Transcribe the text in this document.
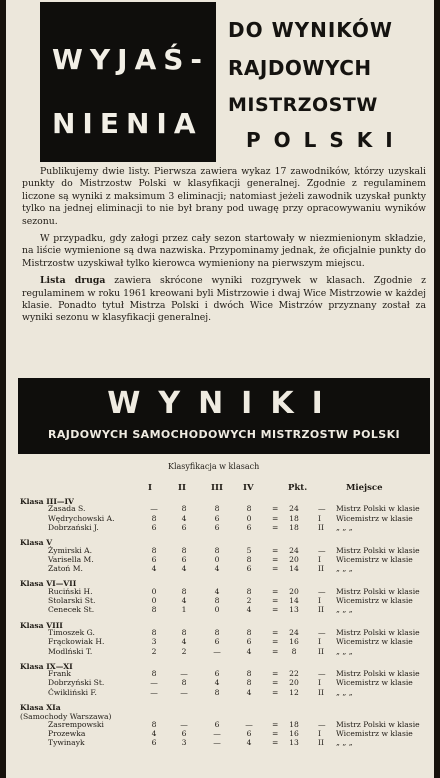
WYJAŚ-
NIENIA
DO WYNIKÓW
RAJDOWYCH
MISTRZOSTW
POLSKI

Publikujemy dwie listy. Pierwsza zawiera wykaz 17 zawodników, którzy uzyskali punkty do Mistrzostw Polski w klasyfikacji generalnej. Zgodnie z regulaminem liczone są wyniki z maksimum 3 eliminacji; natomiast jeżeli zawodnik uzyskał punkty tylko na jednej eliminacji to nie był brany pod uwagę przy opracowywaniu wyników sezonu.

W przypadku, gdy załogi przez cały sezon startowały w niezmienionym składzie, na liście wymienione są dwa nazwiska. Przypominamy jednak, że oficjalnie punkty do Mistrzostw uzyskiwał tylko kierowca wymieniony na pierwszym miejscu.

Lista druga zawiera skrócone wyniki rozgrywek w klasach. Zgodnie z regulaminem w roku 1961 kreowani byli Mistrzowie i dwaj Wice Mistrzowie w każdej klasie. Ponadto tytuł Mistrza Polski i dwóch Wice Mistrzów przyznany został za wyniki sezonu w klasyfikacji generalnej.

WYNIKI
RAJDOWYCH SAMOCHODOWYCH MISTRZOSTW POLSKI
Klasyfikacja w klasach
I	II	III IV	Pkt.	Miejsce
Klasa III—IV
Zasada S.	—	8	8	8	= 24	— Mistrz Polski w klasie
Wędrychowski A.	8	4	6	0	= 18	I Wicemistrz w klasie
Dobrzański J.	6	6	6	6	= 18	II „ „ „
Klasa V
Żymirski A.	8	8	8	5	= 24	— Mistrz Polski w klasie
Varisella M.	6	6	0	8	= 20	I Wicemistrz w klasie
Zatoń M.	4	4	4	6	= 14	II „ „ „
Klasa VI—VII
Ruciński H.	0	8	4	8	= 20	— Mistrz Polski w klasie
Stolarski St.	0	4	8	2	= 14	I Wicemistrz w klasie
Cenecek St.	8	1	0	4	= 13	II „ „ „
Klasa VIII
Timoszek G.	8	8	8	8	= 24	— Mistrz Polski w klasie
Frąckowiak H.	3	4	6	6	= 16	I Wicemistrz w klasie
Modlński T.	2	2	—	4	=	8	II „ „ „
Klasa IX—XI
Frank	8	—	6	8	= 22	— Mistrz Polski w klasie
Dobrzyński St.	—	8	4	8	= 20	I Wicemistrz w klasie
Ćwikliński F.	—	—	8	4	= 12	II „ „ „
Klasa XIa
(Samochody Warszawa)
Zasrempowski	8	—	6	—	= 18	— Mistrz Polski w klasie
Prozewka	4	6	—	6	= 16	I Wicemistrz w klasie
Tywinayk	6	3	—	4	= 13	II „ „ „
